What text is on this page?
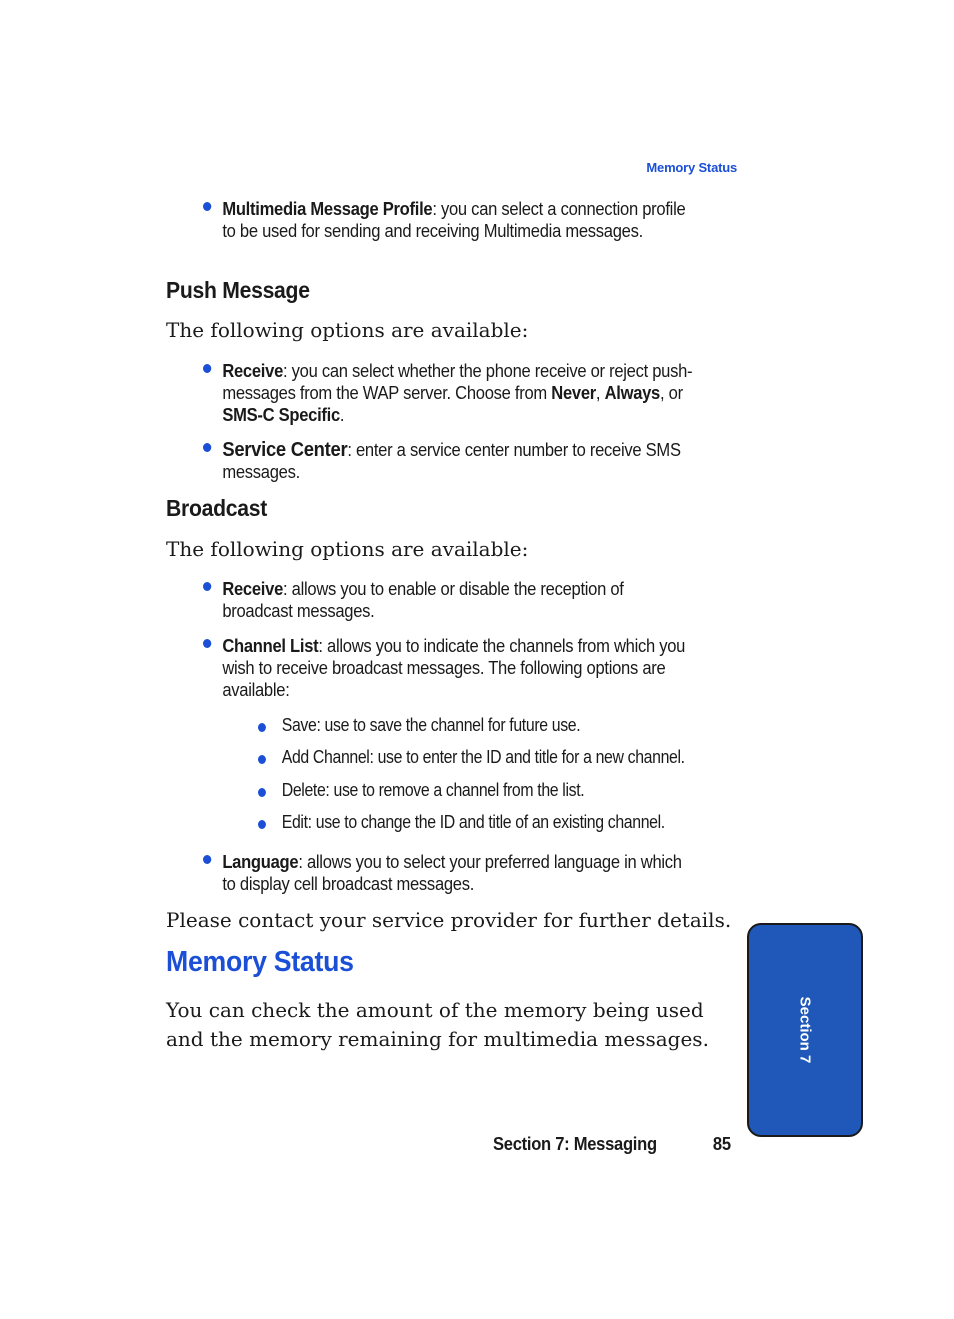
Memory Status
Multimedia Message Profile: you can select a connection profile to be used for sending and receiving Multimedia messages.
Push Message
The following options are available:
Receive: you can select whether the phone receive or reject push-messages from the WAP server. Choose from Never, Always, or SMS-C Specific.
Service Center: enter a service center number to receive SMS messages.
Broadcast
The following options are available:
Receive: allows you to enable or disable the reception of broadcast messages.
Channel List: allows you to indicate the channels from which you wish to receive broadcast messages. The following options are available:
Save: use to save the channel for future use.
Add Channel: use to enter the ID and title for a new channel.
Delete: use to remove a channel from the list.
Edit: use to change the ID and title of an existing channel.
Language: allows you to select your preferred language in which to display cell broadcast messages.
Please contact your service provider for further details.
Memory Status
You can check the amount of the memory being used and the memory remaining for multimedia messages.	Section 7
Section 7: Messaging	85
